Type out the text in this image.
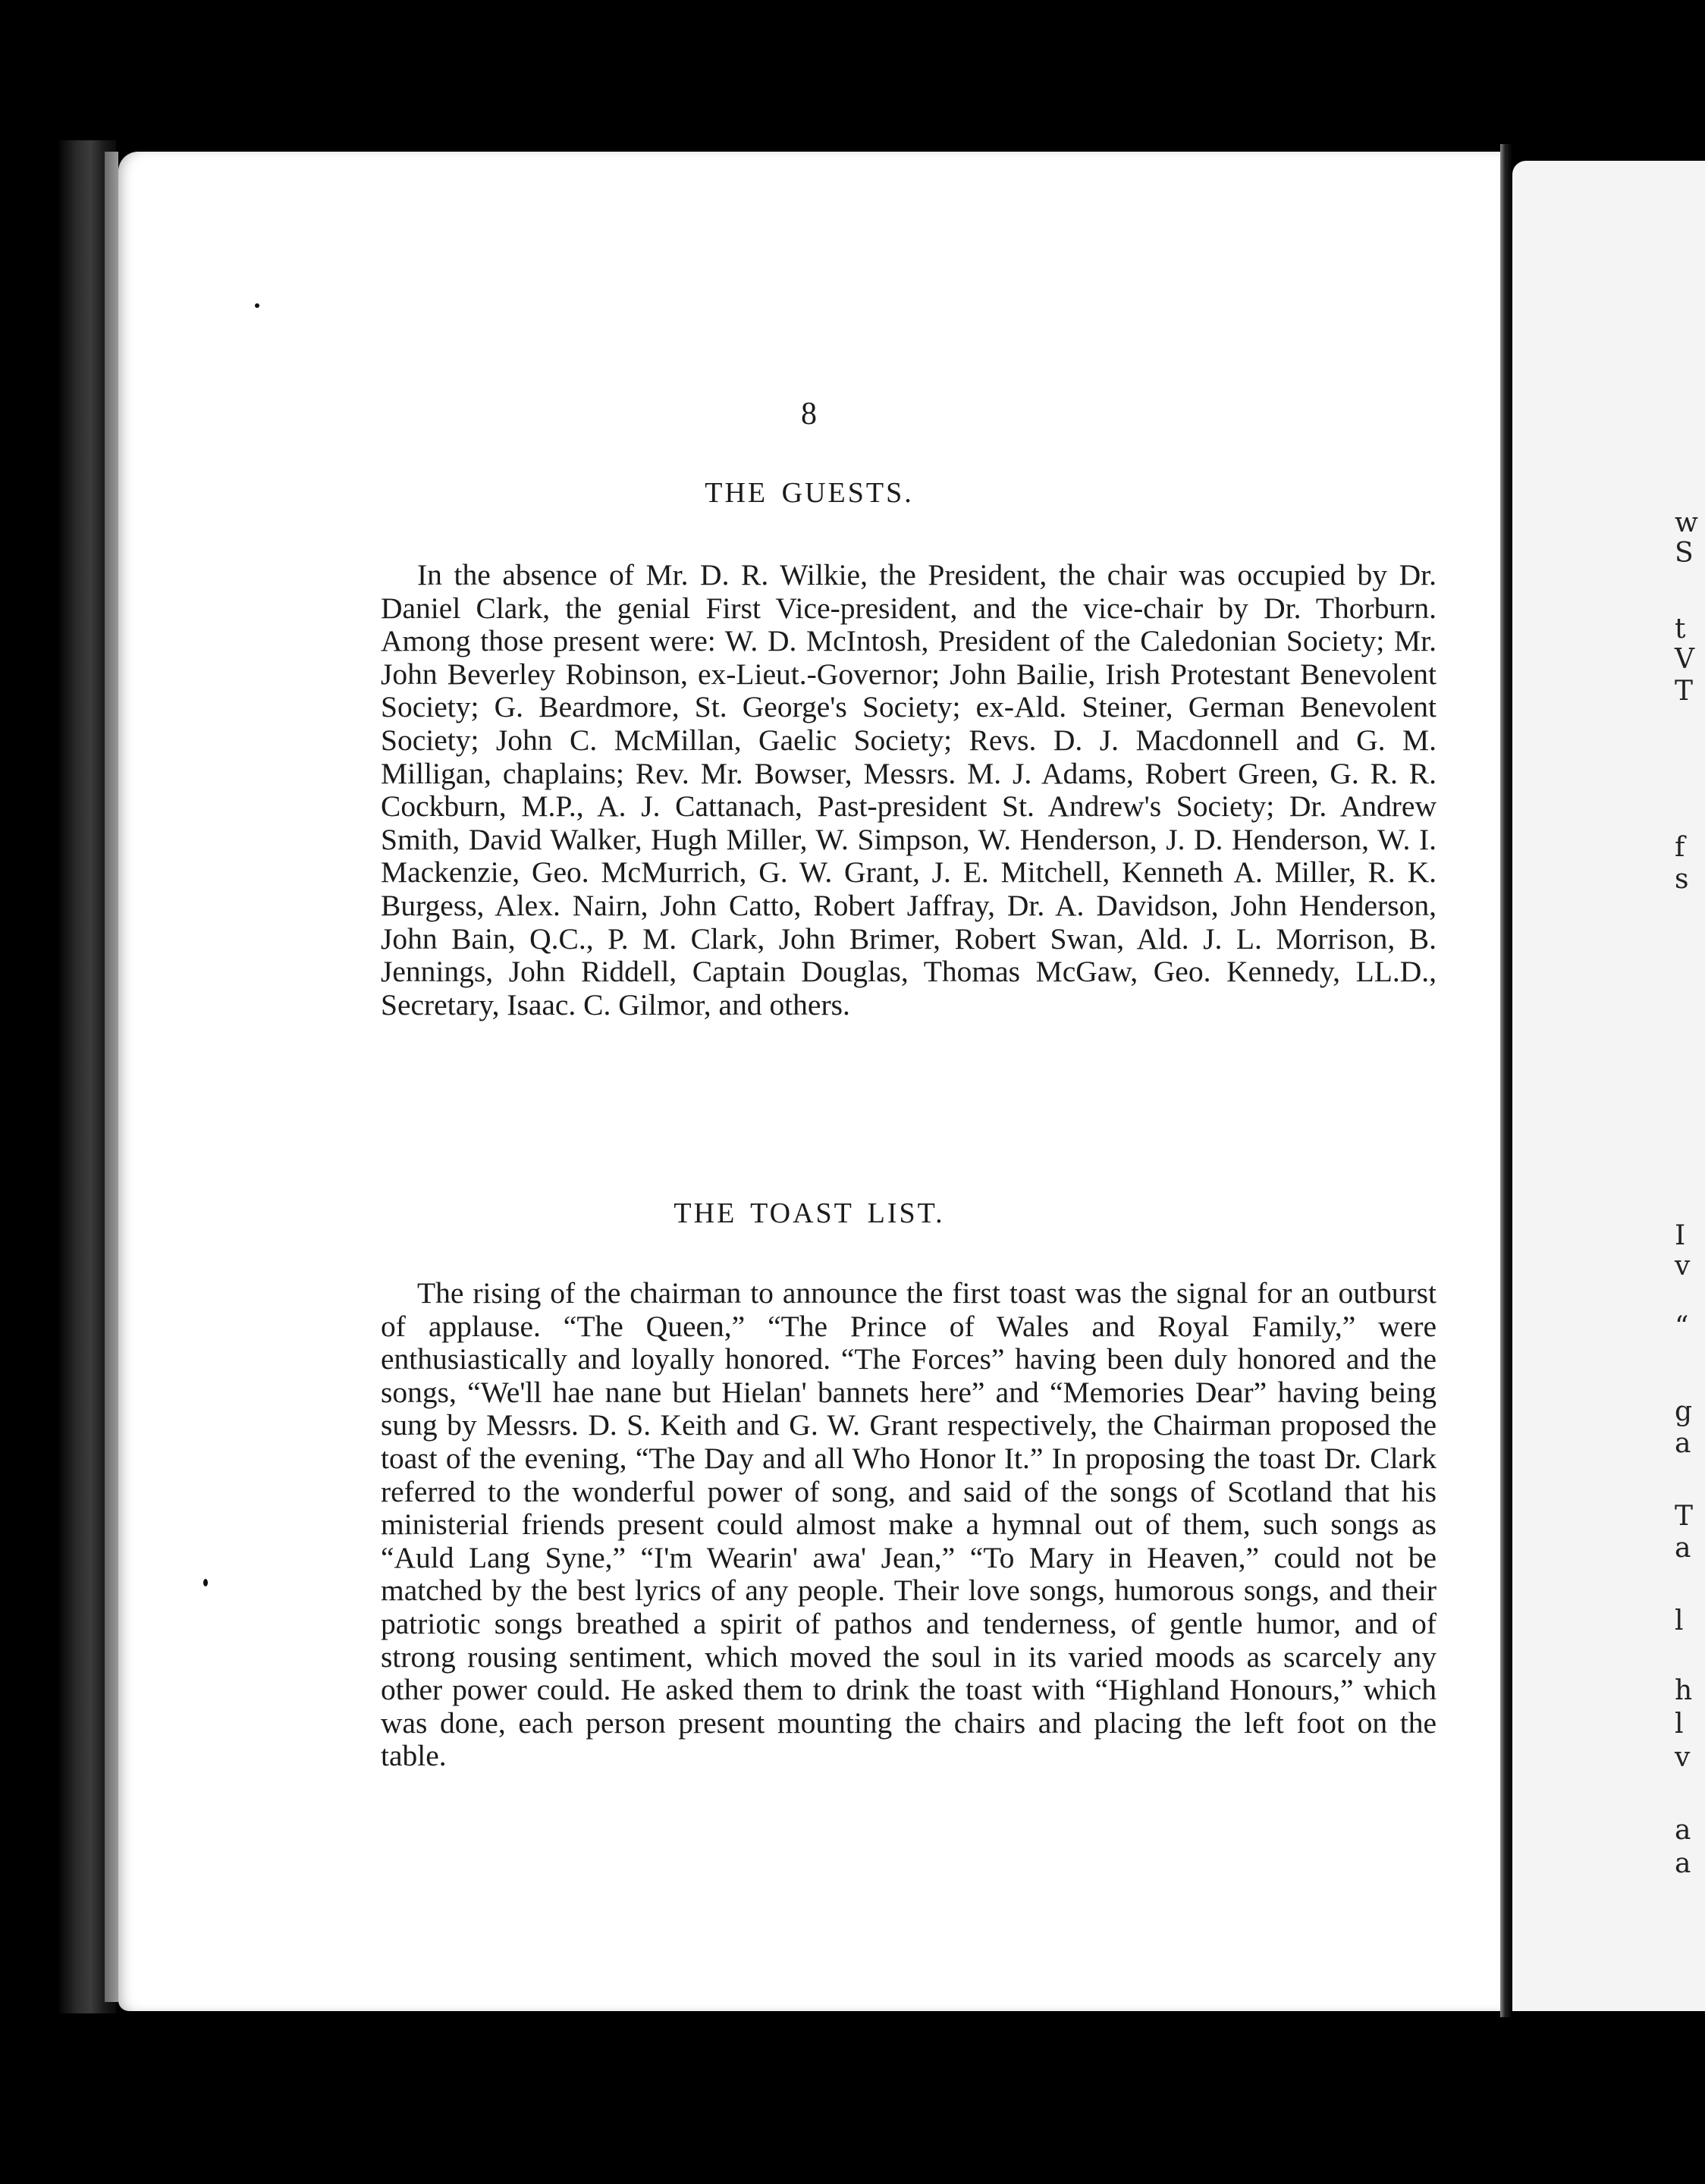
8
THE GUESTS.

In the absence of Mr. D. R. Wilkie, the President, the chair was occupied by Dr. Daniel Clark, the genial First Vice-president, and the vice-chair by Dr. Thorburn. Among those present were: W. D. McIntosh, President of the Caledonian Society; Mr. John Beverley Robinson, ex-Lieut.-Governor; John Bailie, Irish Protestant Benevolent Society; G. Beardmore, St. George's Society; ex-Ald. Steiner, German Benevolent Society; John C. McMillan, Gaelic Society; Revs. D. J. Macdonnell and G. M. Milligan, chaplains; Rev. Mr. Bowser, Messrs. M. J. Adams, Robert Green, G. R. R. Cockburn, M.P., A. J. Cattanach, Past-president St. Andrew's Society; Dr. Andrew Smith, David Walker, Hugh Miller, W. Simpson, W. Henderson, J. D. Henderson, W. I. Mackenzie, Geo. McMurrich, G. W. Grant, J. E. Mitchell, Kenneth A. Miller, R. K. Burgess, Alex. Nairn, John Catto, Robert Jaffray, Dr. A. Davidson, John Henderson, John Bain, Q.C., P. M. Clark, John Brimer, Robert Swan, Ald. J. L. Morrison, B. Jennings, John Riddell, Captain Douglas, Thomas McGaw, Geo. Kennedy, LL.D., Secretary, Isaac. C. Gilmor, and others.

THE TOAST LIST.

The rising of the chairman to announce the first toast was the signal for an outburst of applause. “The Queen,” “The Prince of Wales and Royal Family,” were enthusiastically and loyally honored. “The Forces” having been duly honored and the songs, “We'll hae nane but Hielan' bannets here” and “Memories Dear” having being sung by Messrs. D. S. Keith and G. W. Grant respectively, the Chairman proposed the toast of the evening, “The Day and all Who Honor It.” In proposing the toast Dr. Clark referred to the wonderful power of song, and said of the songs of Scotland that his ministerial friends present could almost make a hymnal out of them, such songs as “Auld Lang Syne,” “I'm Wearin' awa' Jean,” “To Mary in Heaven,” could not be matched by the best lyrics of any people. Their love songs, humorous songs, and their patriotic songs breathed a spirit of pathos and tenderness, of gentle humor, and of strong rousing sentiment, which moved the soul in its varied moods as scarcely any other power could. He asked them to drink the toast with “Highland Honours,” which was done, each person present mounting the chairs and placing the left foot on the table.

w
S
t
V
T
f
s
I
v
“
g
a
T
a
l
h
l
v
a
a
